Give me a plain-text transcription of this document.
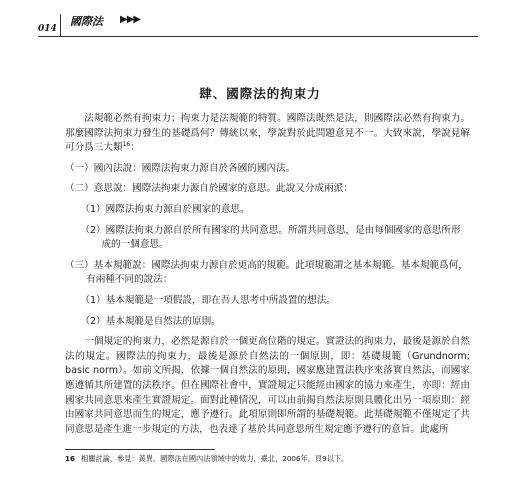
014
國際法 ▶▶▶
肆、國際法的拘束力

法規範必然有拘束力；拘束力是法規範的特質。國際法既然是法，則國際法必然有拘束力。那麼國際法拘束力發生的基礎爲何？傳統以來，學說對於此問題意見不一。大致來說，學說見解可分爲三大類$^{16}$：

（一）國內法說：國際法拘束力源自於各國的國內法。

（二）意思說：國際法拘束力源自於國家的意思。此說又分成兩派：

（1）國際法拘束力源自於國家的意思。

（2）國際法拘束力源自於所有國家的共同意思。所謂共同意思，是由每個國家的意思所形成的一個意思。

（三）基本規範說：國際法拘束力源自於更高的規範。此項規範謂之基本規範。基本規範爲何，有兩種不同的說法：

（1）基本規範是一項假設，即在吾人思考中所設置的想法。

（2）基本規範是自然法的原則。

一個規定的拘束力，必然是源自於一個更高位階的規定。實證法的拘束力，最後是源於自然法的規定。國際法的拘束力，最後是源於自然法的一個原則，即：基礎規範（Grundnorm; basic norm）。如前文所揭，依據一個自然法的原則，國家應建置法秩序來落實自然法，而國家應遵循其所建置的法秩序。但在國際社會中，實證規定只能經由國家的協力來產生，亦即：經由國家共同意思來產生實證規定。面對此種情況，可以由前揭自然法原則具體化出另一項原則：經由國家共同意思而生的規定，應予遵行。此項原則即所謂的基礎規範。此基礎規範不僅規定了共同意思是產生進一步規定的方法，也表達了基於共同意思所生規定應予遵行的意旨。此處所

16 相關討論，參見：黃異，國際法在國內法領域中的效力，臺北，2006年，頁9以下。
